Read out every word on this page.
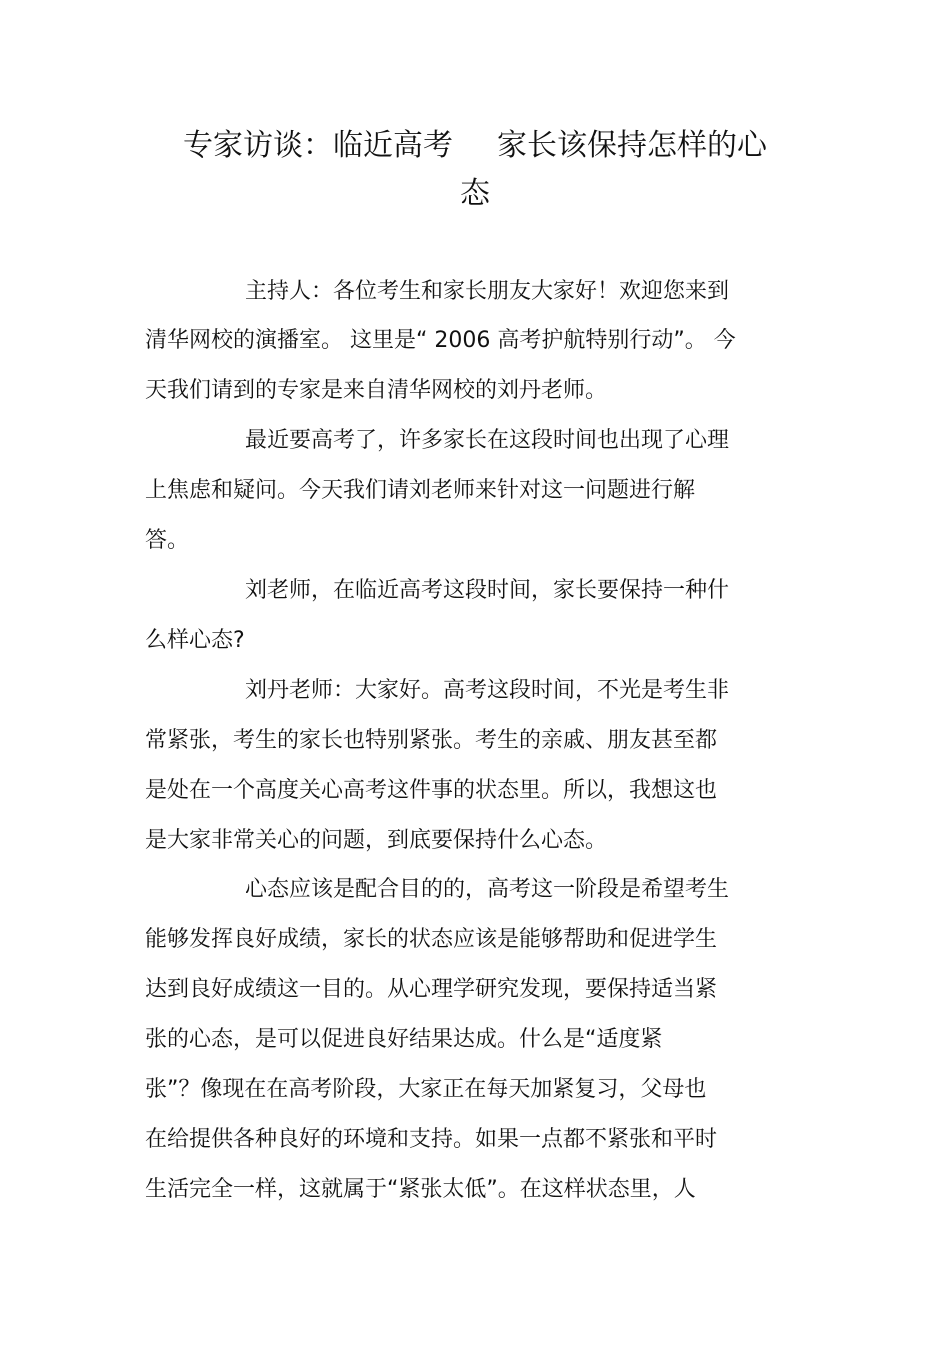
专家访谈：临近高考 家长该保持怎样的心
态
主持人：各位考生和家长朋友大家好！欢迎您来到
清华网校的演播室。 这里是“ 2006 高考护航特别行动”。 今
天我们请到的专家是来自清华网校的刘丹老师。
最近要高考了，许多家长在这段时间也出现了心理
上焦虑和疑问。今天我们请刘老师来针对这一问题进行解
答。
刘老师，在临近高考这段时间，家长要保持一种什
么样心态?
刘丹老师：大家好。高考这段时间，不光是考生非
常紧张，考生的家长也特别紧张。考生的亲戚、朋友甚至都
是处在一个高度关心高考这件事的状态里。所以，我想这也
是大家非常关心的问题，到底要保持什么心态。
心态应该是配合目的的，高考这一阶段是希望考生
能够发挥良好成绩，家长的状态应该是能够帮助和促进学生
达到良好成绩这一目的。从心理学研究发现，要保持适当紧
张的心态，是可以促进良好结果达成。什么是“适度紧
张”？像现在在高考阶段，大家正在每天加紧复习，父母也
在给提供各种良好的环境和支持。如果一点都不紧张和平时
生活完全一样，这就属于“紧张太低”。在这样状态里，人
